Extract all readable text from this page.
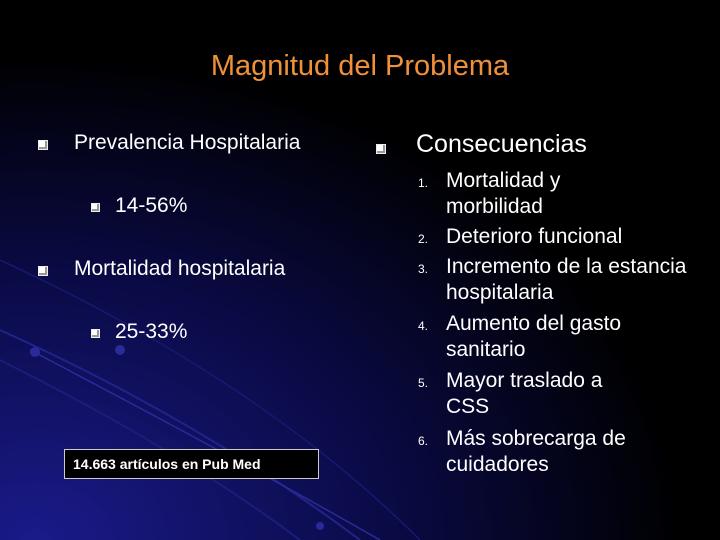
Magnitud del Problema
Prevalencia Hospitalaria
14-56%
Mortalidad hospitalaria
25-33%
14.663 artículos en Pub Med
Consecuencias
1. Mortalidad y morbilidad
2. Deterioro funcional
3. Incremento de la estancia hospitalaria
4. Aumento del gasto sanitario
5. Mayor traslado a CSS
6. Más sobrecarga de cuidadores
